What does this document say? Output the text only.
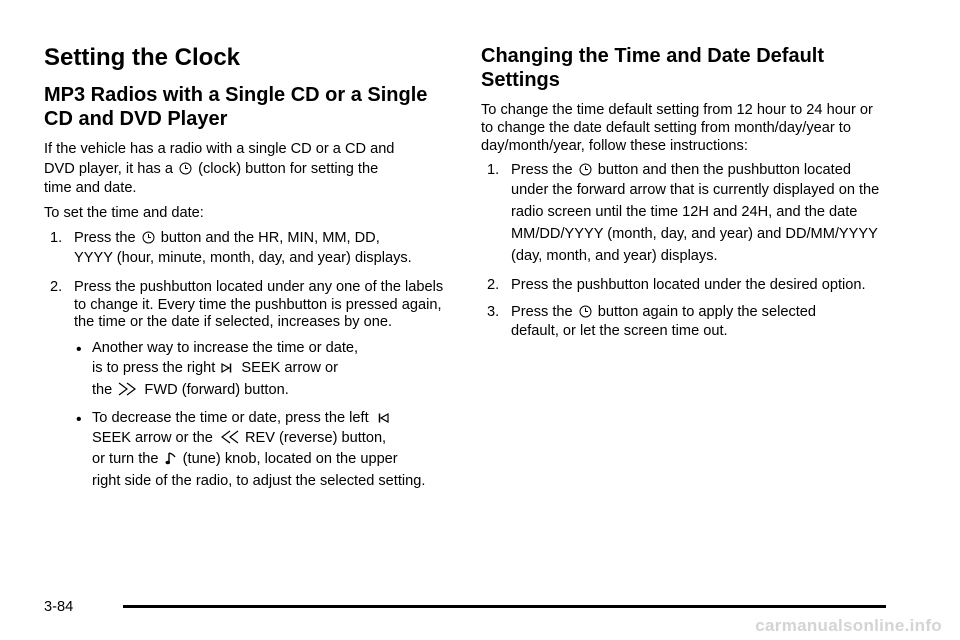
Setting the Clock
MP3 Radios with a Single CD or a Single CD and DVD Player

If the vehicle has a radio with a single CD or a CD and
DVD player, it has a (clock) button for setting the
time and date.

To set the time and date:

1. Press the button and the HR, MIN, MM, DD,
YYYY (hour, minute, month, day, and year) displays.
2. Press the pushbutton located under any one of the labels to change it. Every time the pushbutton is pressed again, the time or the date if selected, increases by one.
• Another way to increase the time or date,
is to press the right SEEK arrow or
the FWD (forward) button.
• To decrease the time or date, press the left

SEEK arrow or the REV (reverse) button,
or turn the (tune) knob, located on the upper
right side of the radio, to adjust the selected setting.
Changing the Time and Date Default Settings

To change the time default setting from 12 hour to 24 hour or to change the date default setting from month/day/year to day/month/year, follow these instructions:

1. Press the button and then the pushbutton located
under the forward arrow that is currently displayed on the radio screen until the time 12H and 24H, and the date MM/DD/YYYY (month, day, and year) and DD/MM/YYYY (day, month, and year) displays.
2. Press the pushbutton located under the desired option.
3. Press the button again to apply the selected
default, or let the screen time out.
3-84
carmanualsonline.info
